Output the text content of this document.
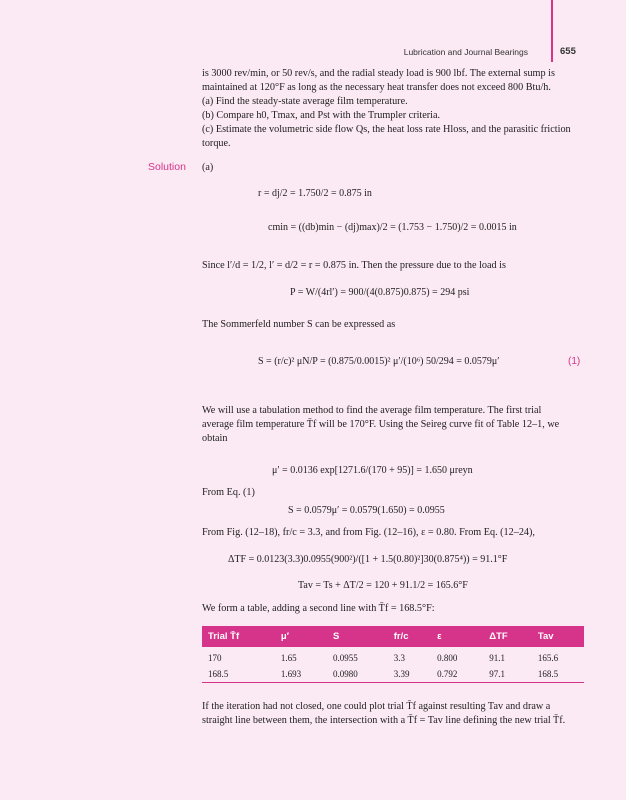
Lubrication and Journal Bearings	655
is 3000 rev/min, or 50 rev/s, and the radial steady load is 900 lbf. The external sump is
maintained at 120°F as long as the necessary heat transfer does not exceed 800 Btu/h.
(a) Find the steady-state average film temperature.
(b) Compare h0, Tmax, and Pst with the Trumpler criteria.
(c) Estimate the volumetric side flow Qs, the heat loss rate Hloss, and the parasitic friction
torque.
Solution (a)
r = dj/2 = 1.750/2 = 0.875 in
cmin = ((db)min − (dj)max)/2 = (1.753 − 1.750)/2 = 0.0015 in
Since l′/d = 1/2, l′ = d/2 = r = 0.875 in. Then the pressure due to the load is
P = W/(4rl′) = 900/(4(0.875)0.875) = 294 psi
The Sommerfeld number S can be expressed as
S = (r/c)² μN/P = (0.875/0.0015)² μ′/(10⁶) 50/294 = 0.0579μ′	(1)
We will use a tabulation method to find the average film temperature. The first trial
average film temperature T̄f will be 170°F. Using the Seireg curve fit of Table 12–1, we
obtain
μ′ = 0.0136 exp[1271.6/(170 + 95)] = 1.650 μreyn
From Eq. (1)
S = 0.0579μ′ = 0.0579(1.650) = 0.0955
From Fig. (12–18), fr/c = 3.3, and from Fig. (12–16), ε = 0.80. From Eq. (12–24),
ΔTF = 0.0123(3.3)0.0955(900²)/([1 + 1.5(0.80)²]30(0.875⁴)) = 91.1°F
Tav = Ts + ΔT/2 = 120 + 91.1/2 = 165.6°F
We form a table, adding a second line with T̄f = 168.5°F:
Trial T̄f	μ′	S	fr/c	ε	ΔTF	Tav
170	1.65	0.0955	3.3	0.800	91.1	165.6
168.5	1.693	0.0980	3.39	0.792	97.1	168.5
If the iteration had not closed, one could plot trial T̄f against resulting Tav and draw a
straight line between them, the intersection with a T̄f = Tav line defining the new trial T̄f.
